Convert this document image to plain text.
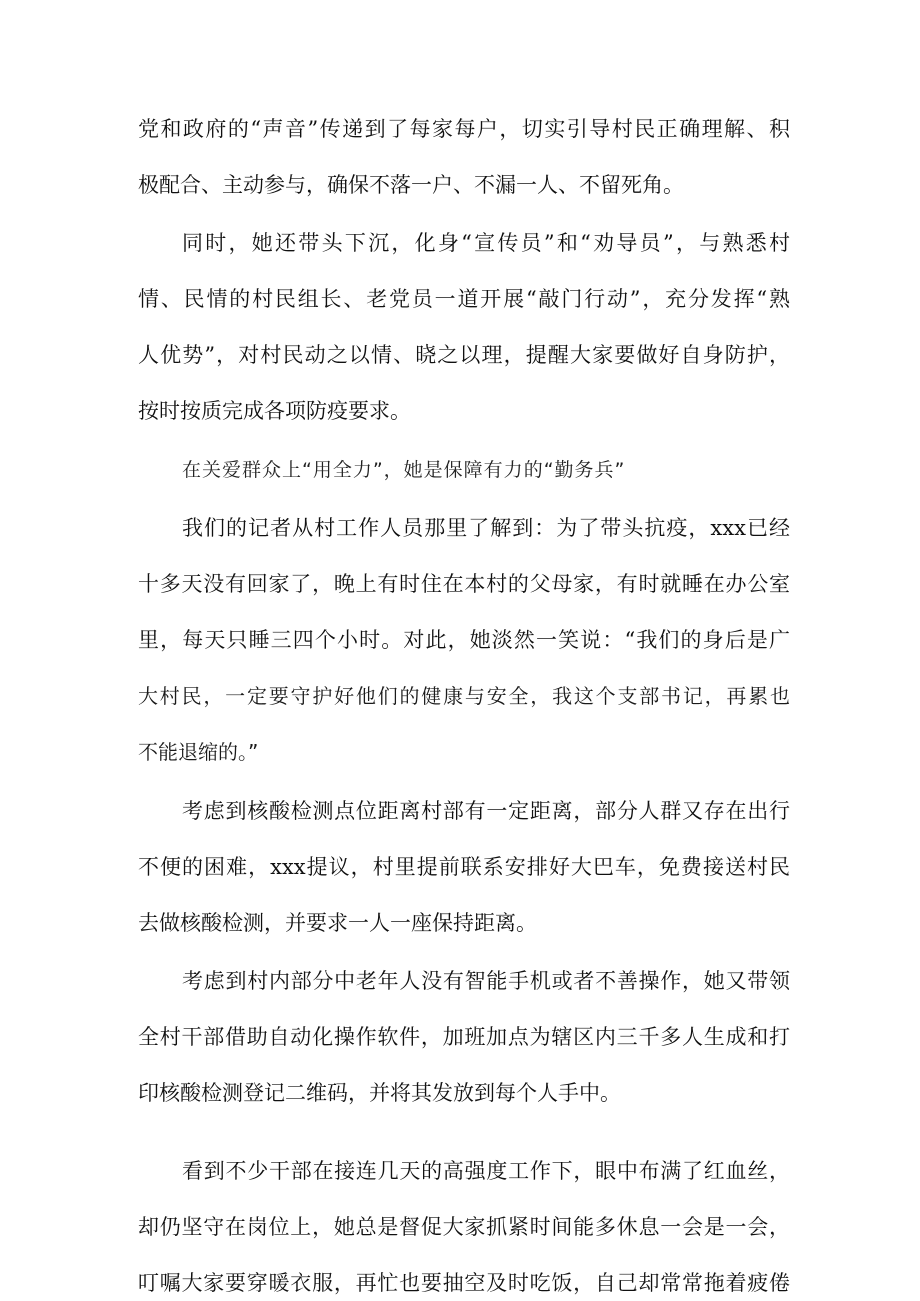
党和政府的“声音”传递到了每家每户，切实引导村民正确理解、积
极配合、主动参与，确保不落一户、不漏一人、不留死角。
同时，她还带头下沉，化身“宣传员”和“劝导员”，与熟悉村
情、民情的村民组长、老党员一道开展“敲门行动”，充分发挥“熟
人优势”，对村民动之以情、晓之以理，提醒大家要做好自身防护，
按时按质完成各项防疫要求。
在关爱群众上“用全力”，她是保障有力的“勤务兵”
我们的记者从村工作人员那里了解到：为了带头抗疫，xxx已经
十多天没有回家了，晚上有时住在本村的父母家，有时就睡在办公室
里，每天只睡三四个小时。对此，她淡然一笑说：“我们的身后是广
大村民，一定要守护好他们的健康与安全，我这个支部书记，再累也
不能退缩的。”
考虑到核酸检测点位距离村部有一定距离，部分人群又存在出行
不便的困难，xxx提议，村里提前联系安排好大巴车，免费接送村民
去做核酸检测，并要求一人一座保持距离。
考虑到村内部分中老年人没有智能手机或者不善操作，她又带领
全村干部借助自动化操作软件，加班加点为辖区内三千多人生成和打
印核酸检测登记二维码，并将其发放到每个人手中。
看到不少干部在接连几天的高强度工作下，眼中布满了红血丝，
却仍坚守在岗位上，她总是督促大家抓紧时间能多休息一会是一会，
叮嘱大家要穿暖衣服，再忙也要抽空及时吃饭，自己却常常拖着疲倦
